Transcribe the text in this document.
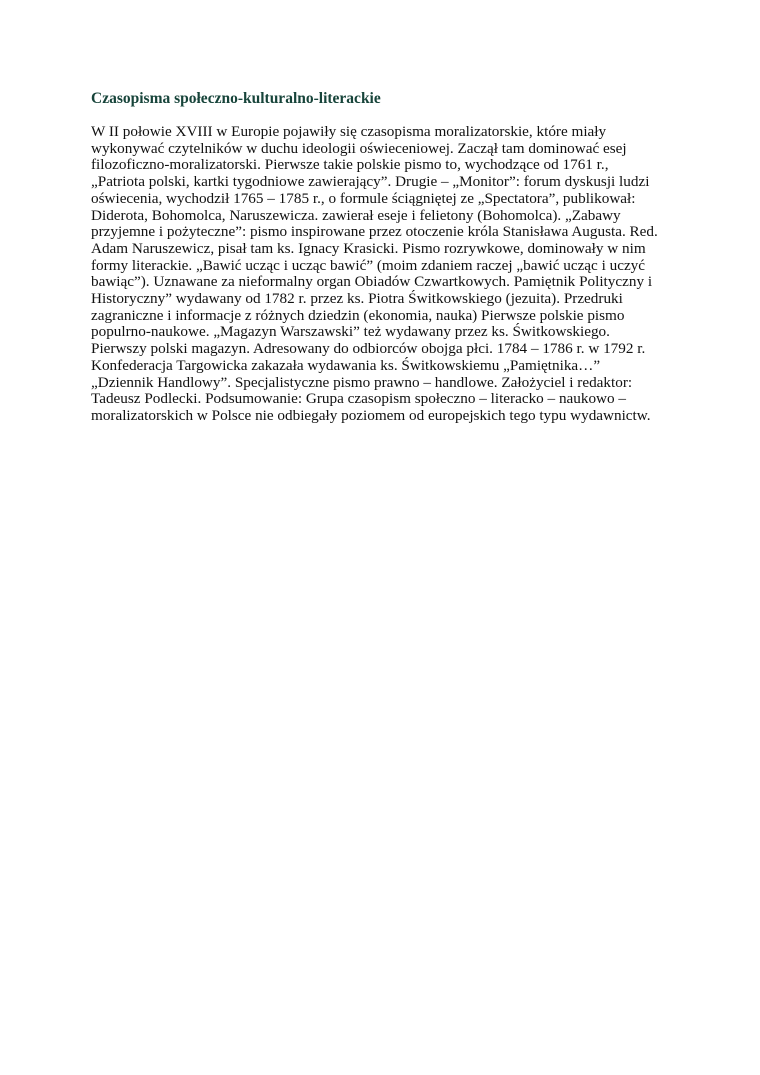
Czasopisma społeczno-kulturalno-literackie
W II połowie XVIII w Europie pojawiły się czasopisma moralizatorskie, które miały
wykonywać czytelników w duchu ideologii oświeceniowej. Zaczął tam dominować esej
filozoficzno-moralizatorski. Pierwsze takie polskie pismo to, wychodzące od 1761 r.,
„Patriota polski, kartki tygodniowe zawierający”. Drugie – „Monitor”: forum dyskusji ludzi
oświecenia, wychodził 1765 – 1785 r., o formule ściągniętej ze „Spectatora”, publikował:
Diderota, Bohomolca, Naruszewicza. zawierał eseje i felietony (Bohomolca). „Zabawy
przyjemne i pożyteczne”: pismo inspirowane przez otoczenie króla Stanisława Augusta. Red.
Adam Naruszewicz, pisał tam ks. Ignacy Krasicki. Pismo rozrywkowe, dominowały w nim
formy literackie. „Bawić ucząc i ucząc bawić” (moim zdaniem raczej „bawić ucząc i uczyć
bawiąc”). Uznawane za nieformalny organ Obiadów Czwartkowych. Pamiętnik Polityczny i
Historyczny” wydawany od 1782 r. przez ks. Piotra Świtkowskiego (jezuita). Przedruki
zagraniczne i informacje z różnych dziedzin (ekonomia, nauka) Pierwsze polskie pismo
populrno-naukowe. „Magazyn Warszawski” też wydawany przez ks. Świtkowskiego.
Pierwszy polski magazyn. Adresowany do odbiorców obojga płci. 1784 – 1786 r. w 1792 r.
Konfederacja Targowicka zakazała wydawania ks. Świtkowskiemu „Pamiętnika…”
„Dziennik Handlowy”. Specjalistyczne pismo prawno – handlowe. Założyciel i redaktor:
Tadeusz Podlecki. Podsumowanie: Grupa czasopism społeczno – literacko – naukowo –
moralizatorskich w Polsce nie odbiegały poziomem od europejskich tego typu wydawnictw.
